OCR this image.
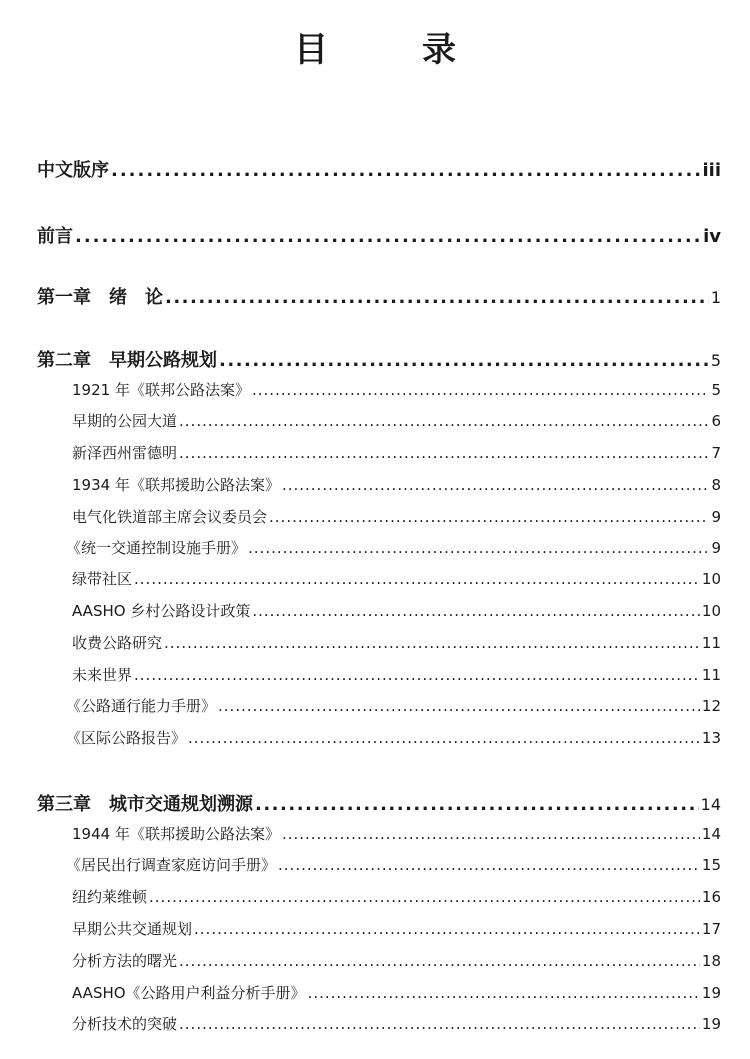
目　录
中文版序 .....	iii
前言 .....	iv
第一章　绪　论 .....	1
第二章　早期公路规划 .....	5
1921 年《联邦公路法案》 .....	5
早期的公园大道 .....	6
新泽西州雷德明 .....	7
1934 年《联邦援助公路法案》 .....	8
电气化铁道部主席会议委员会 .....	9
《统一交通控制设施手册》 .....	9
绿带社区 .....	10
AASHO 乡村公路设计政策 .....	10
收费公路研究 .....	11
未来世界 .....	11
《公路通行能力手册》 .....	12
《区际公路报告》 .....	13
第三章　城市交通规划溯源 .....	14
1944 年《联邦援助公路法案》 .....	14
《居民出行调查家庭访问手册》 .....	15
纽约莱维顿 .....	16
早期公共交通规划 .....	17
分析方法的曙光 .....	18
AASHO《公路用户利益分析手册》 .....	19
分析技术的突破 .....	19
